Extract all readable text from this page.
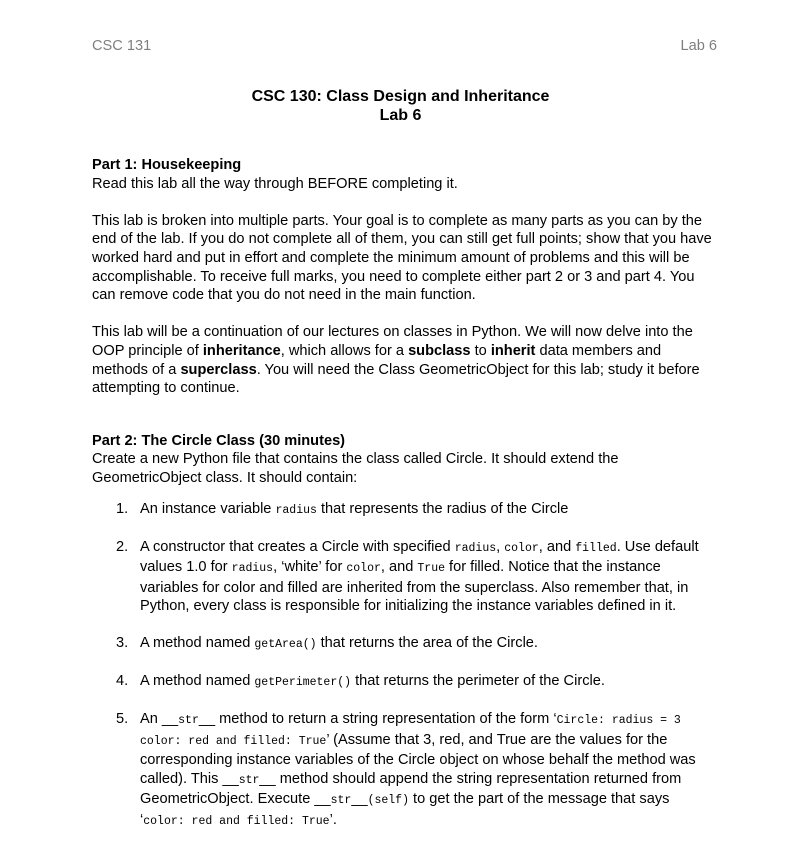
CSC 131	Lab 6
CSC 130: Class Design and Inheritance
Lab 6
Part 1: Housekeeping

Read this lab all the way through BEFORE completing it.

This lab is broken into multiple parts. Your goal is to complete as many parts as you can by the end of the lab. If you do not complete all of them, you can still get full points; show that you have worked hard and put in effort and complete the minimum amount of problems and this will be accomplishable. To receive full marks, you need to complete either part 2 or 3 and part 4. You can remove code that you do not need in the main function.

This lab will be a continuation of our lectures on classes in Python. We will now delve into the OOP principle of inheritance, which allows for a subclass to inherit data members and methods of a superclass. You will need the Class GeometricObject for this lab; study it before attempting to continue.

Part 2: The Circle Class (30 minutes)

Create a new Python file that contains the class called Circle. It should extend the GeometricObject class. It should contain:

1. An instance variable radius that represents the radius of the Circle
2. A constructor that creates a Circle with specified radius, color, and filled. Use default values 1.0 for radius, ‘white’ for color, and True for filled. Notice that the instance variables for color and filled are inherited from the superclass. Also remember that, in Python, every class is responsible for initializing the instance variables defined in it.
3. A method named getArea() that returns the area of the Circle.
4. A method named getPerimeter() that returns the perimeter of the Circle.
5. An __str__ method to return a string representation of the form ‘Circle: radius = 3 color: red and filled: True’ (Assume that 3, red, and True are the values for the corresponding instance variables of the Circle object on whose behalf the method was called). This __str__ method should append the string representation returned from GeometricObject. Execute __str__(self) to get the part of the message that says ‘color: red and filled: True’.
